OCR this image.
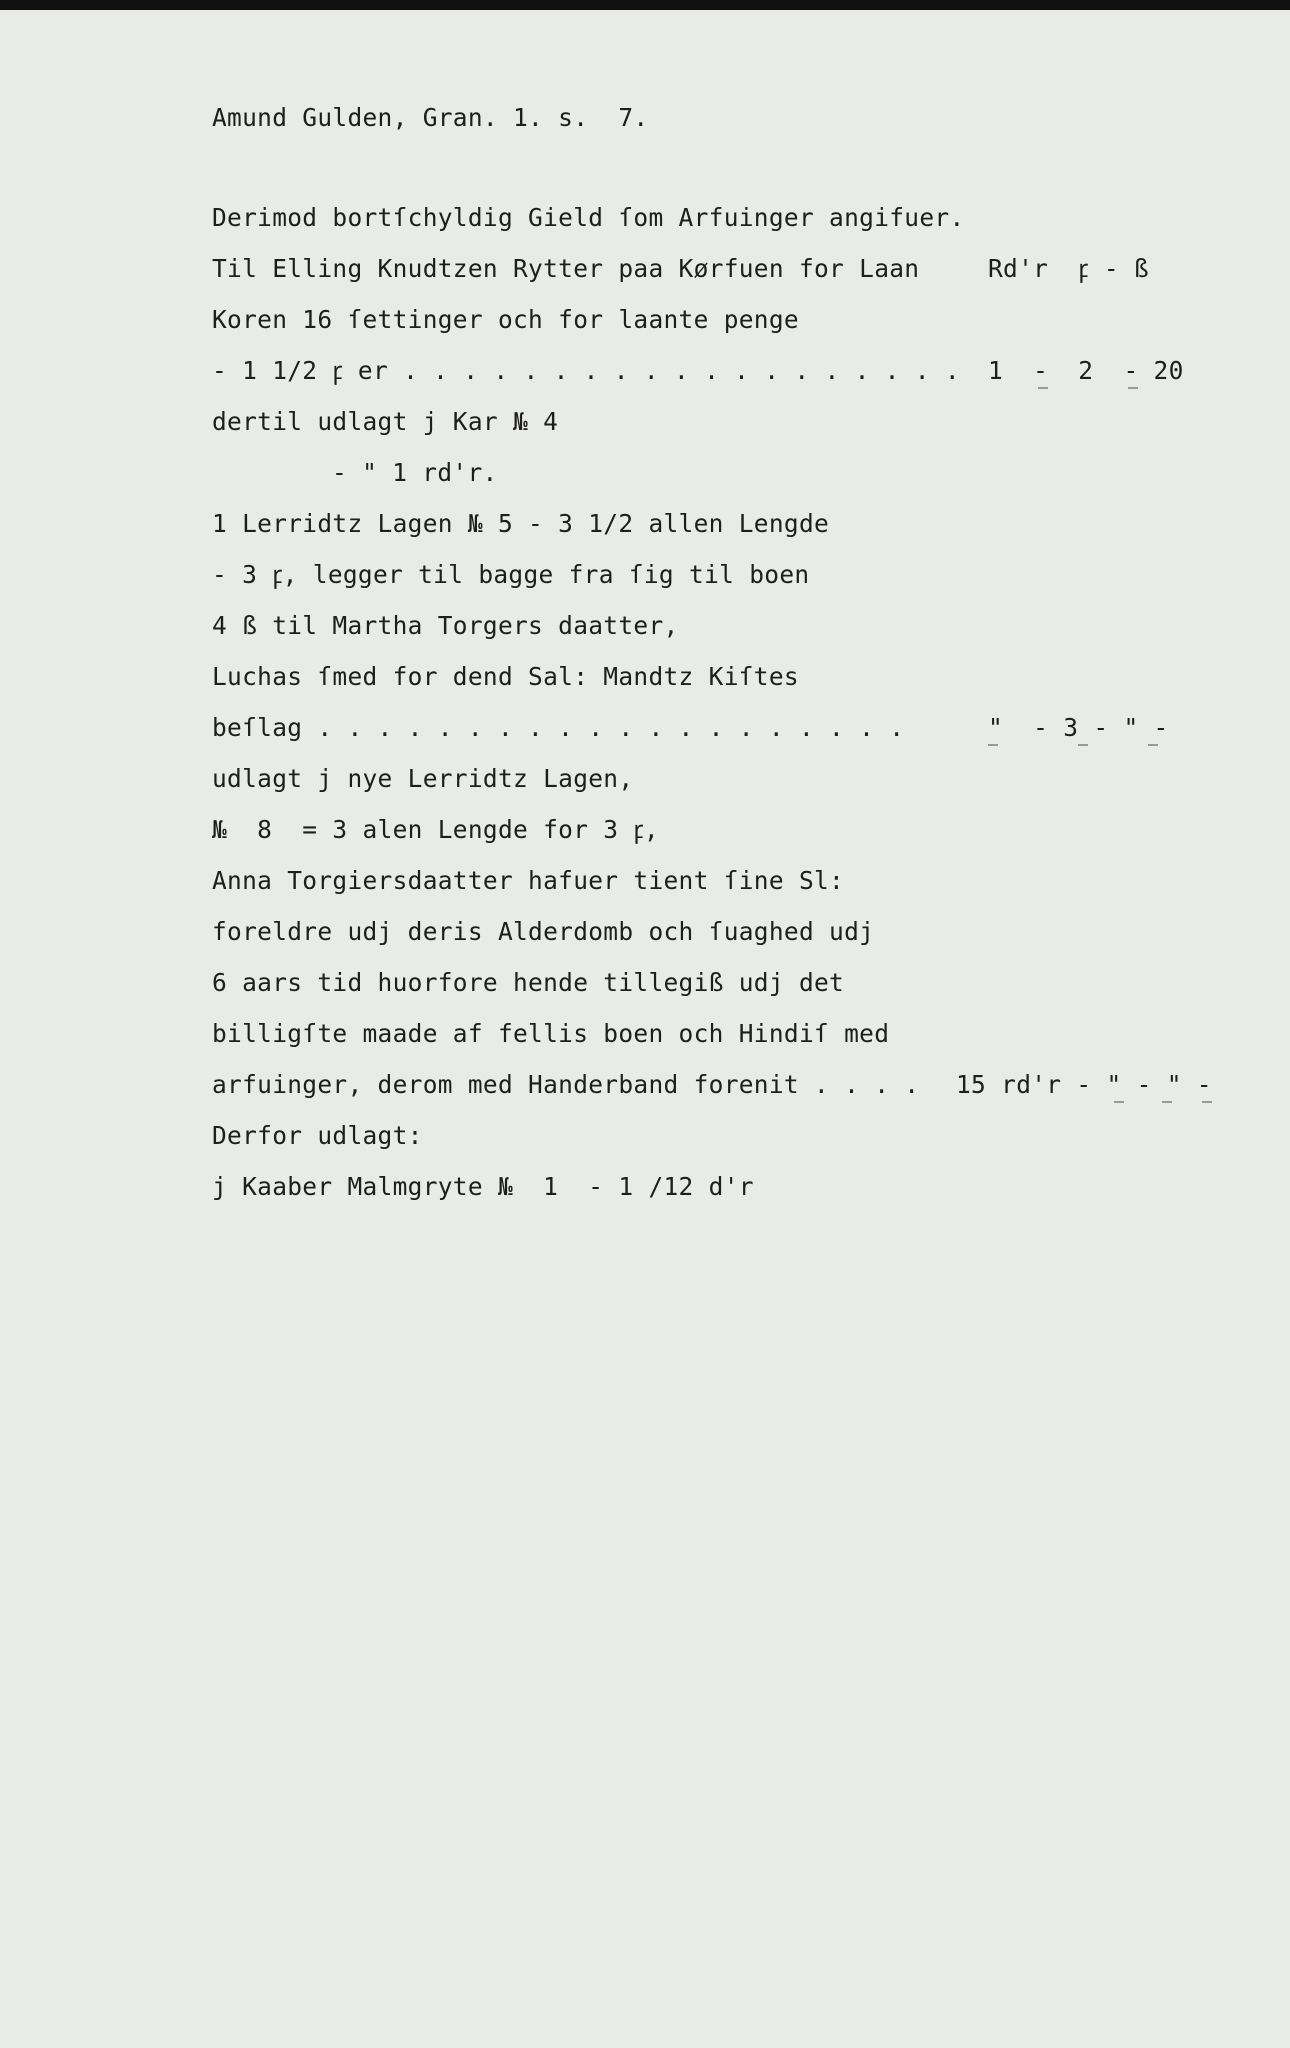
Amund Gulden, Gran. 1. s.  7.
Derimod bortſchyldig Gield ſom Arfuinger angifuer.
Til Elling Knudtzen Rytter paa Kørfuen for Laan	Rd'r  ꝼ - ß
Koren 16 ſettinger och for laante penge
- 1 1/2 ꝼ er . . . . . . . . . . . . . . . . . . . 1  -  2  - 20
dertil udlagt j Kar № 4
- " 1 rd'r.
1 Lerridtz Lagen № 5 - 3 1/2 allen Lengde
- 3 ꝼ, legger til bagge fra ſig til boen
4 ß til Martha Torgers daatter,
Luchas ſmed for dend Sal: Mandtz Kiſtes
beſlag . . . . . . . . . . . . . . . . . . . .	"  - 3 - " -
udlagt j nye Lerridtz Lagen,
№  8  = 3 alen Lengde for 3 ꝼ,
Anna Torgiersdaatter hafuer tient ſine Sl:
foreldre udj deris Alderdomb och ſuaghed udj
6 aars tid huorfore hende tillegiß udj det
billigſte maade af fellis boen och Hindiſ med
arfuinger, derom med Handerband forenit . . . . 15 rd'r - " - " -
Derfor udlagt:
j Kaaber Malmgryte №  1  - 1 /12 d'r
